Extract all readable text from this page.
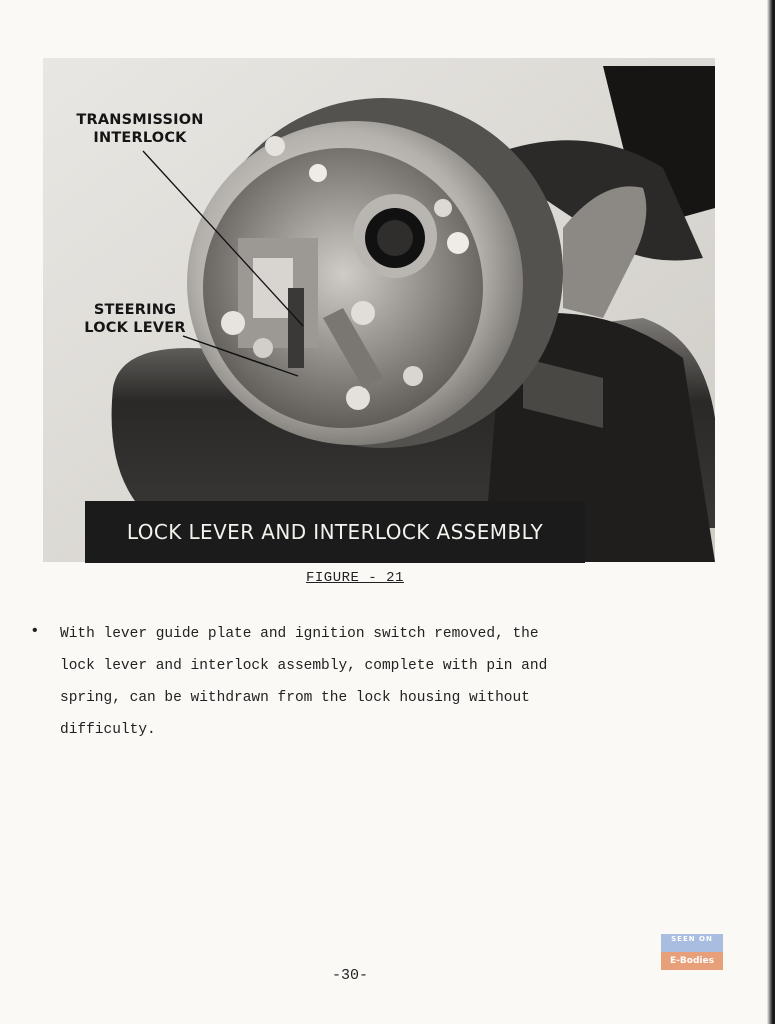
TRANSMISSION
INTERLOCK
STEERING
LOCK LEVER
LOCK LEVER AND INTERLOCK ASSEMBLY
FIGURE - 21
• With lever guide plate and ignition switch removed, the
lock lever and interlock assembly, complete with pin and
spring, can be withdrawn from the lock housing without
difficulty.
-30-
SEEN ON
E-Bodies
